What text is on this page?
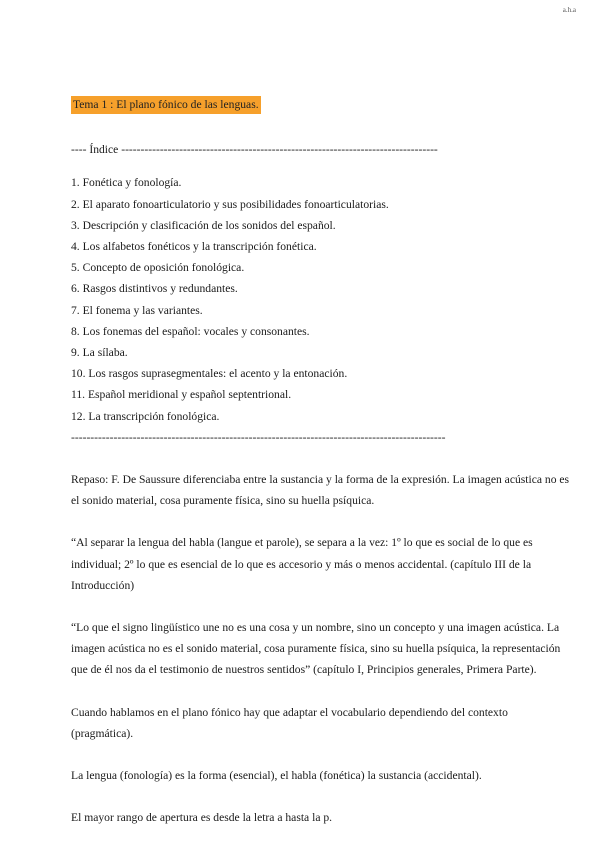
a.h.a
Tema 1 : El plano fónico de las lenguas.
---- Índice ----------------------------------------------------------------------------------
1. Fonética y fonología.
2. El aparato fonoarticulatorio y sus posibilidades fonoarticulatorias.
3. Descripción y clasificación de los sonidos del español.
4. Los alfabetos fonéticos y la transcripción fonética.
5. Concepto de oposición fonológica.
6. Rasgos distintivos y redundantes.
7. El fonema y las variantes.
8. Los fonemas del español: vocales y consonantes.
9. La sílaba.
10. Los rasgos suprasegmentales: el acento y la entonación.
11. Español meridional y español septentrional.
12. La transcripción fonológica.
-------------------------------------------------------------------------------------------------

Repaso: F. De Saussure diferenciaba entre la sustancia y la forma de la expresión. La imagen acústica no es el sonido material, cosa puramente física, sino su huella psíquica.

“Al separar la lengua del habla (langue et parole), se separa a la vez: 1º lo que es social de lo que es individual; 2º lo que es esencial de lo que es accesorio y más o menos accidental. (capítulo III de la Introducción)

“Lo que el signo lingüístico une no es una cosa y un nombre, sino un concepto y una imagen acústica. La imagen acústica no es el sonido material, cosa puramente física, sino su huella psíquica, la representación que de él nos da el testimonio de nuestros sentidos” (capítulo I, Principios generales, Primera Parte).

Cuando hablamos en el plano fónico hay que adaptar el vocabulario dependiendo del contexto (pragmática).

La lengua (fonología) es la forma (esencial), el habla (fonética) la sustancia (accidental).

El mayor rango de apertura es desde la letra a hasta la p.
